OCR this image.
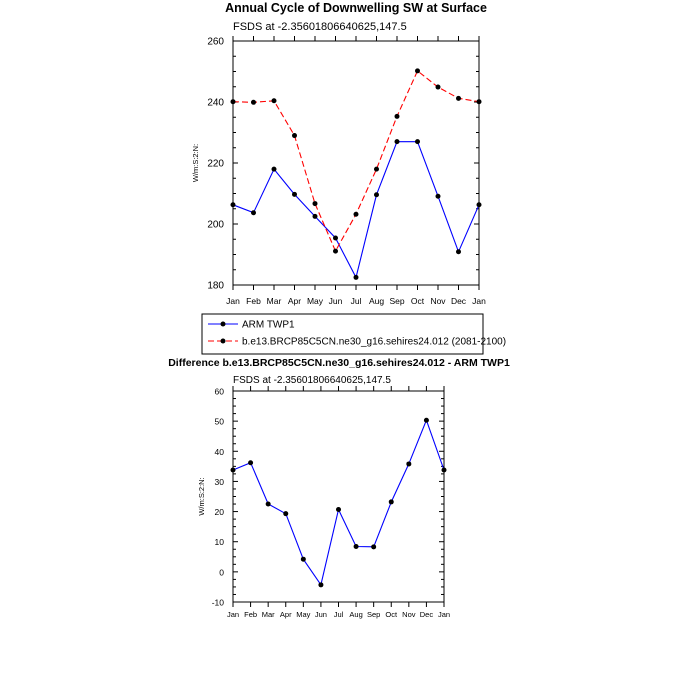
Annual Cycle of Downwelling SW at Surface
FSDS at -2.35601806640625,147.5
W/m:S:2:N:
180
200
220
240
260
Jan Feb Mar Apr May Jun Jul Aug Sep Oct Nov Dec Jan
ARM TWP1
b.e13.BRCP85C5CN.ne30_g16.sehires24.012 (2081-2100)
Difference b.e13.BRCP85C5CN.ne30_g16.sehires24.012 - ARM TWP1
FSDS at -2.35601806640625,147.5
W/m:S:2:N:
-10
0
10
20
30
40
50
60
Jan Feb Mar Apr May Jun Jul Aug Sep Oct Nov Dec Jan
